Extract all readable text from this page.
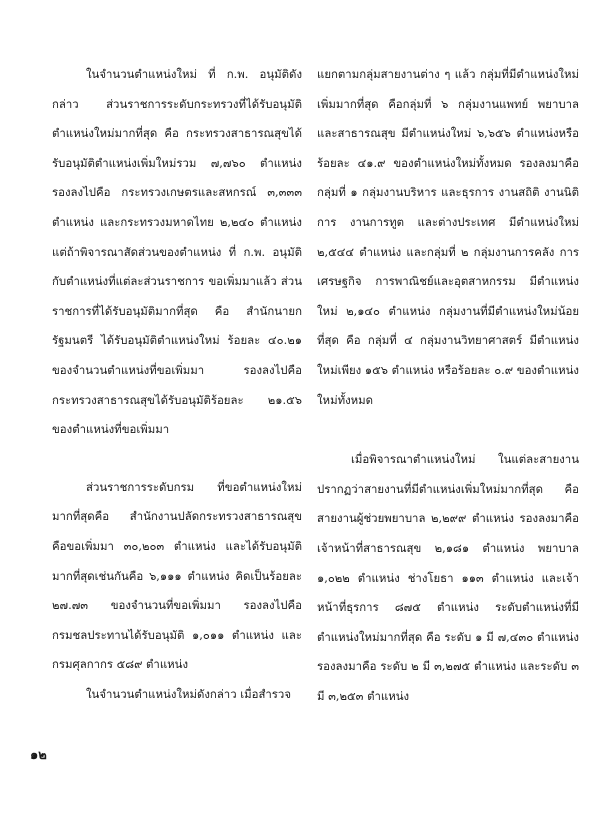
ในจำนวนตำแหน่งใหม่ ที่ ก.พ. อนุมัติดังกล่าว ส่วนราชการระดับกระทรวงที่ได้รับอนุมัติตำแหน่งใหม่มากที่สุด คือ กระทรวงสาธารณสุขได้รับอนุมัติตำแหน่งเพิ่มใหม่รวม ๗,๗๖๐ ตำแหน่ง รองลงไปคือ กระทรวงเกษตรและสหกรณ์ ๓,๓๓๓ ตำแหน่ง และกระทรวงมหาดไทย ๒,๒๔๐ ตำแหน่ง แต่ถ้าพิจารณาสัดส่วนของตำแหน่ง ที่ ก.พ. อนุมัติกับตำแหน่งที่แต่ละส่วนราชการ ขอเพิ่มมาแล้ว ส่วนราชการที่ได้รับอนุมัติมากที่สุด คือ สำนักนายกรัฐมนตรี ได้รับอนุมัติตำแหน่งใหม่ ร้อยละ ๔๐.๒๑ ของจำนวนตำแหน่งที่ขอเพิ่มมา รองลงไปคือ กระทรวงสาธารณสุขได้รับอนุมัติร้อยละ ๒๑.๕๖ ของตำแหน่งที่ขอเพิ่มมา

ส่วนราชการระดับกรม ที่ขอตำแหน่งใหม่มากที่สุดคือ สำนักงานปลัดกระทรวงสาธารณสุข คือขอเพิ่มมา ๓๐,๒๐๓ ตำแหน่ง และได้รับอนุมัติมากที่สุดเช่นกันคือ ๖,๑๑๑ ตำแหน่ง คิดเป็นร้อยละ ๒๗.๗๓ ของจำนวนที่ขอเพิ่มมา รองลงไปคือ กรมชลประทานได้รับอนุมัติ ๑,๐๑๑ ตำแหน่ง และกรมศุลกากร ๕๘๙ ตำแหน่ง

ในจำนวนตำแหน่งใหม่ดังกล่าว เมื่อสำรวจ

แยกตามกลุ่มสายงานต่าง ๆ แล้ว กลุ่มที่มีตำแหน่งใหม่เพิ่มมากที่สุด คือกลุ่มที่ ๖ กลุ่มงานแพทย์ พยาบาล และสาธารณสุข มีตำแหน่งใหม่ ๖,๖๕๖ ตำแหน่งหรือร้อยละ ๔๑.๙ ของตำแหน่งใหม่ทั้งหมด รองลงมาคือ กลุ่มที่ ๑ กลุ่มงานบริหาร และธุรการ งานสถิติ งานนิติการ งานการทูต และต่างประเทศ มีตำแหน่งใหม่ ๒,๕๔๔ ตำแหน่ง และกลุ่มที่ ๒ กลุ่มงานการคลัง การเศรษฐกิจ การพาณิชย์และอุตสาหกรรม มีตำแหน่งใหม่ ๒,๑๔๐ ตำแหน่ง กลุ่มงานที่มีตำแหน่งใหม่น้อยที่สุด คือ กลุ่มที่ ๔ กลุ่มงานวิทยาศาสตร์ มีตำแหน่งใหม่เพียง ๑๕๖ ตำแหน่ง หรือร้อยละ ๐.๙ ของตำแหน่งใหม่ทั้งหมด

เมื่อพิจารณาตำแหน่งใหม่ ในแต่ละสายงานปรากฏว่าสายงานที่มีตำแหน่งเพิ่มใหม่มากที่สุด คือสายงานผู้ช่วยพยาบาล ๒,๒๙๙ ตำแหน่ง รองลงมาคือเจ้าหน้าที่สาธารณสุข ๒,๑๘๑ ตำแหน่ง พยาบาล ๑,๐๒๒ ตำแหน่ง ช่างโยธา ๑๑๓ ตำแหน่ง และเจ้าหน้าที่ธุรการ ๘๗๕ ตำแหน่ง ระดับตำแหน่งที่มีตำแหน่งใหม่มากที่สุด คือ ระดับ ๑ มี ๗,๔๓๐ ตำแหน่ง รองลงมาคือ ระดับ ๒ มี ๓,๒๗๕ ตำแหน่ง และระดับ ๓ มี ๓,๒๕๓ ตำแหน่ง

๑๒
